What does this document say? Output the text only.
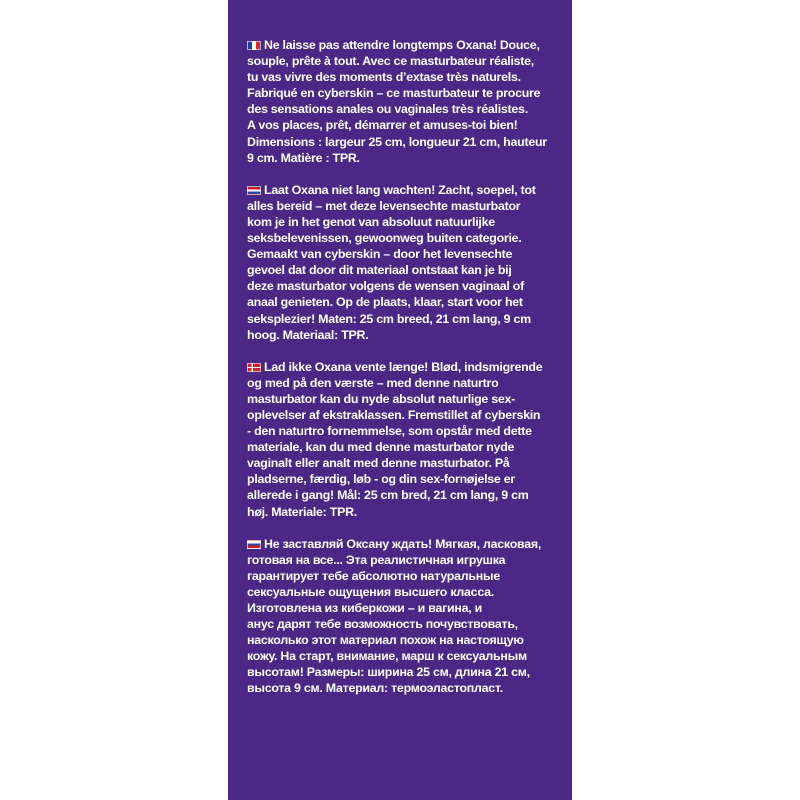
Ne laisse pas attendre longtemps Oxana! Douce,
souple, prête à tout. Avec ce masturbateur réaliste,
tu vas vivre des moments d’extase très naturels.
Fabriqué en cyberskin – ce masturbateur te procure
des sensations anales ou vaginales très réalistes.
A vos places, prêt, démarrer et amuses-toi bien!
Dimensions : largeur 25 cm, longueur 21 cm, hauteur
9 cm. Matière : TPR.

Laat Oxana niet lang wachten! Zacht, soepel, tot
alles bereid – met deze levensechte masturbator
kom je in het genot van absoluut natuurlijke
seksbelevenissen, gewoonweg buiten categorie.
Gemaakt van cyberskin – door het levensechte
gevoel dat door dit materiaal ontstaat kan je bij
deze masturbator volgens de wensen vaginaal of
anaal genieten. Op de plaats, klaar, start voor het
seksplezier! Maten: 25 cm breed, 21 cm lang, 9 cm
hoog. Materiaal: TPR.

Lad ikke Oxana vente længe! Blød, indsmigrende
og med på den værste – med denne naturtro
masturbator kan du nyde absolut naturlige sex-
oplevelser af ekstraklassen. Fremstillet af cyberskin
- den naturtro fornemmelse, som opstår med dette
materiale, kan du med denne masturbator nyde
vaginalt eller analt med denne masturbator. På
pladserne, færdig, løb - og din sex-fornøjelse er
allerede i gang! Mål: 25 cm bred, 21 cm lang, 9 cm
høj. Materiale: TPR.

Не заставляй Оксану ждать! Мягкая, ласковая,
готовая на все... Эта реалистичная игрушка
гарантирует тебе абсолютно натуральные
сексуальные ощущения высшего класса.
Изготовлена из киберкожи – и вагина, и
анус дарят тебе возможность почувствовать,
насколько этот материал похож на настоящую
кожу. На старт, внимание, марш к сексуальным
высотам! Размеры: ширина 25 см, длина 21 см,
высота 9 см. Материал: термоэластопласт.
